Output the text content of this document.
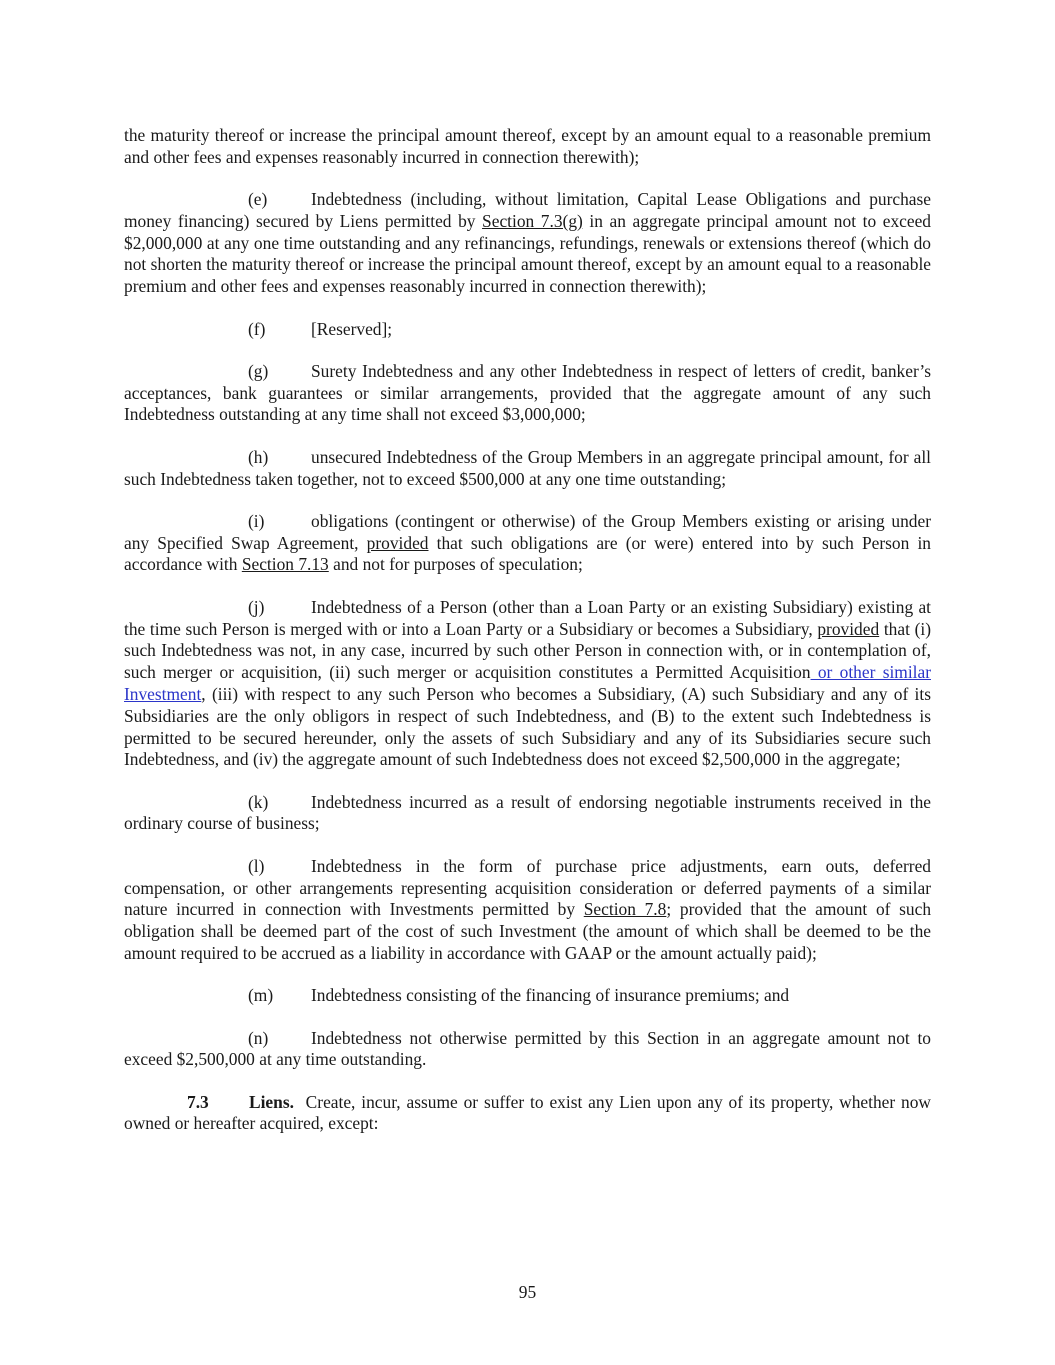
the maturity thereof or increase the principal amount thereof, except by an amount equal to a reasonable premium and other fees and expenses reasonably incurred in connection therewith);

(e)	Indebtedness (including, without limitation, Capital Lease Obligations and purchase money financing) secured by Liens permitted by Section 7.3(g) in an aggregate principal amount not to exceed $2,000,000 at any one time outstanding and any refinancings, refundings, renewals or extensions thereof (which do not shorten the maturity thereof or increase the principal amount thereof, except by an amount equal to a reasonable premium and other fees and expenses reasonably incurred in connection therewith);

(f)	[Reserved];

(g) Surety Indebtedness and any other Indebtedness in respect of letters of credit, banker’s acceptances, bank guarantees or similar arrangements, provided that the aggregate amount of any such Indebtedness outstanding at any time shall not exceed $3,000,000;

(h) unsecured Indebtedness of the Group Members in an aggregate principal amount, for all such Indebtedness taken together, not to exceed $500,000 at any one time outstanding;

(i)	obligations (contingent or otherwise) of the Group Members existing or arising under any Specified Swap Agreement, provided that such obligations are (or were) entered into by such Person in accordance with Section 7.13 and not for purposes of speculation;

(j)	Indebtedness of a Person (other than a Loan Party or an existing Subsidiary) existing at the time such Person is merged with or into a Loan Party or a Subsidiary or becomes a Subsidiary, provided that (i) such Indebtedness was not, in any case, incurred by such other Person in connection with, or in contemplation of, such merger or acquisition, (ii) such merger or acquisition constitutes a Permitted Acquisition or other similar Investment, (iii) with respect to any such Person who becomes a Subsidiary, (A) such Subsidiary and any of its Subsidiaries are the only obligors in respect of such Indebtedness, and (B) to the extent such Indebtedness is permitted to be secured hereunder, only the assets of such Subsidiary and any of its Subsidiaries secure such Indebtedness, and (iv) the aggregate amount of such Indebtedness does not exceed $2,500,000 in the aggregate;

(k) Indebtedness incurred as a result of endorsing negotiable instruments received in the ordinary course of business;

(l)	Indebtedness in the form of purchase price adjustments, earn outs, deferred compensation, or other arrangements representing acquisition consideration or deferred payments of a similar nature incurred in connection with Investments permitted by Section 7.8; provided that the amount of such obligation shall be deemed part of the cost of such Investment (the amount of which shall be deemed to be the amount required to be accrued as a liability in accordance with GAAP or the amount actually paid);

(m) Indebtedness consisting of the financing of insurance premiums; and

(n) Indebtedness not otherwise permitted by this Section in an aggregate amount not to exceed $2,500,000 at any time outstanding.

7.3 Liens.  Create, incur, assume or suffer to exist any Lien upon any of its property, whether now owned or hereafter acquired, except:

95
